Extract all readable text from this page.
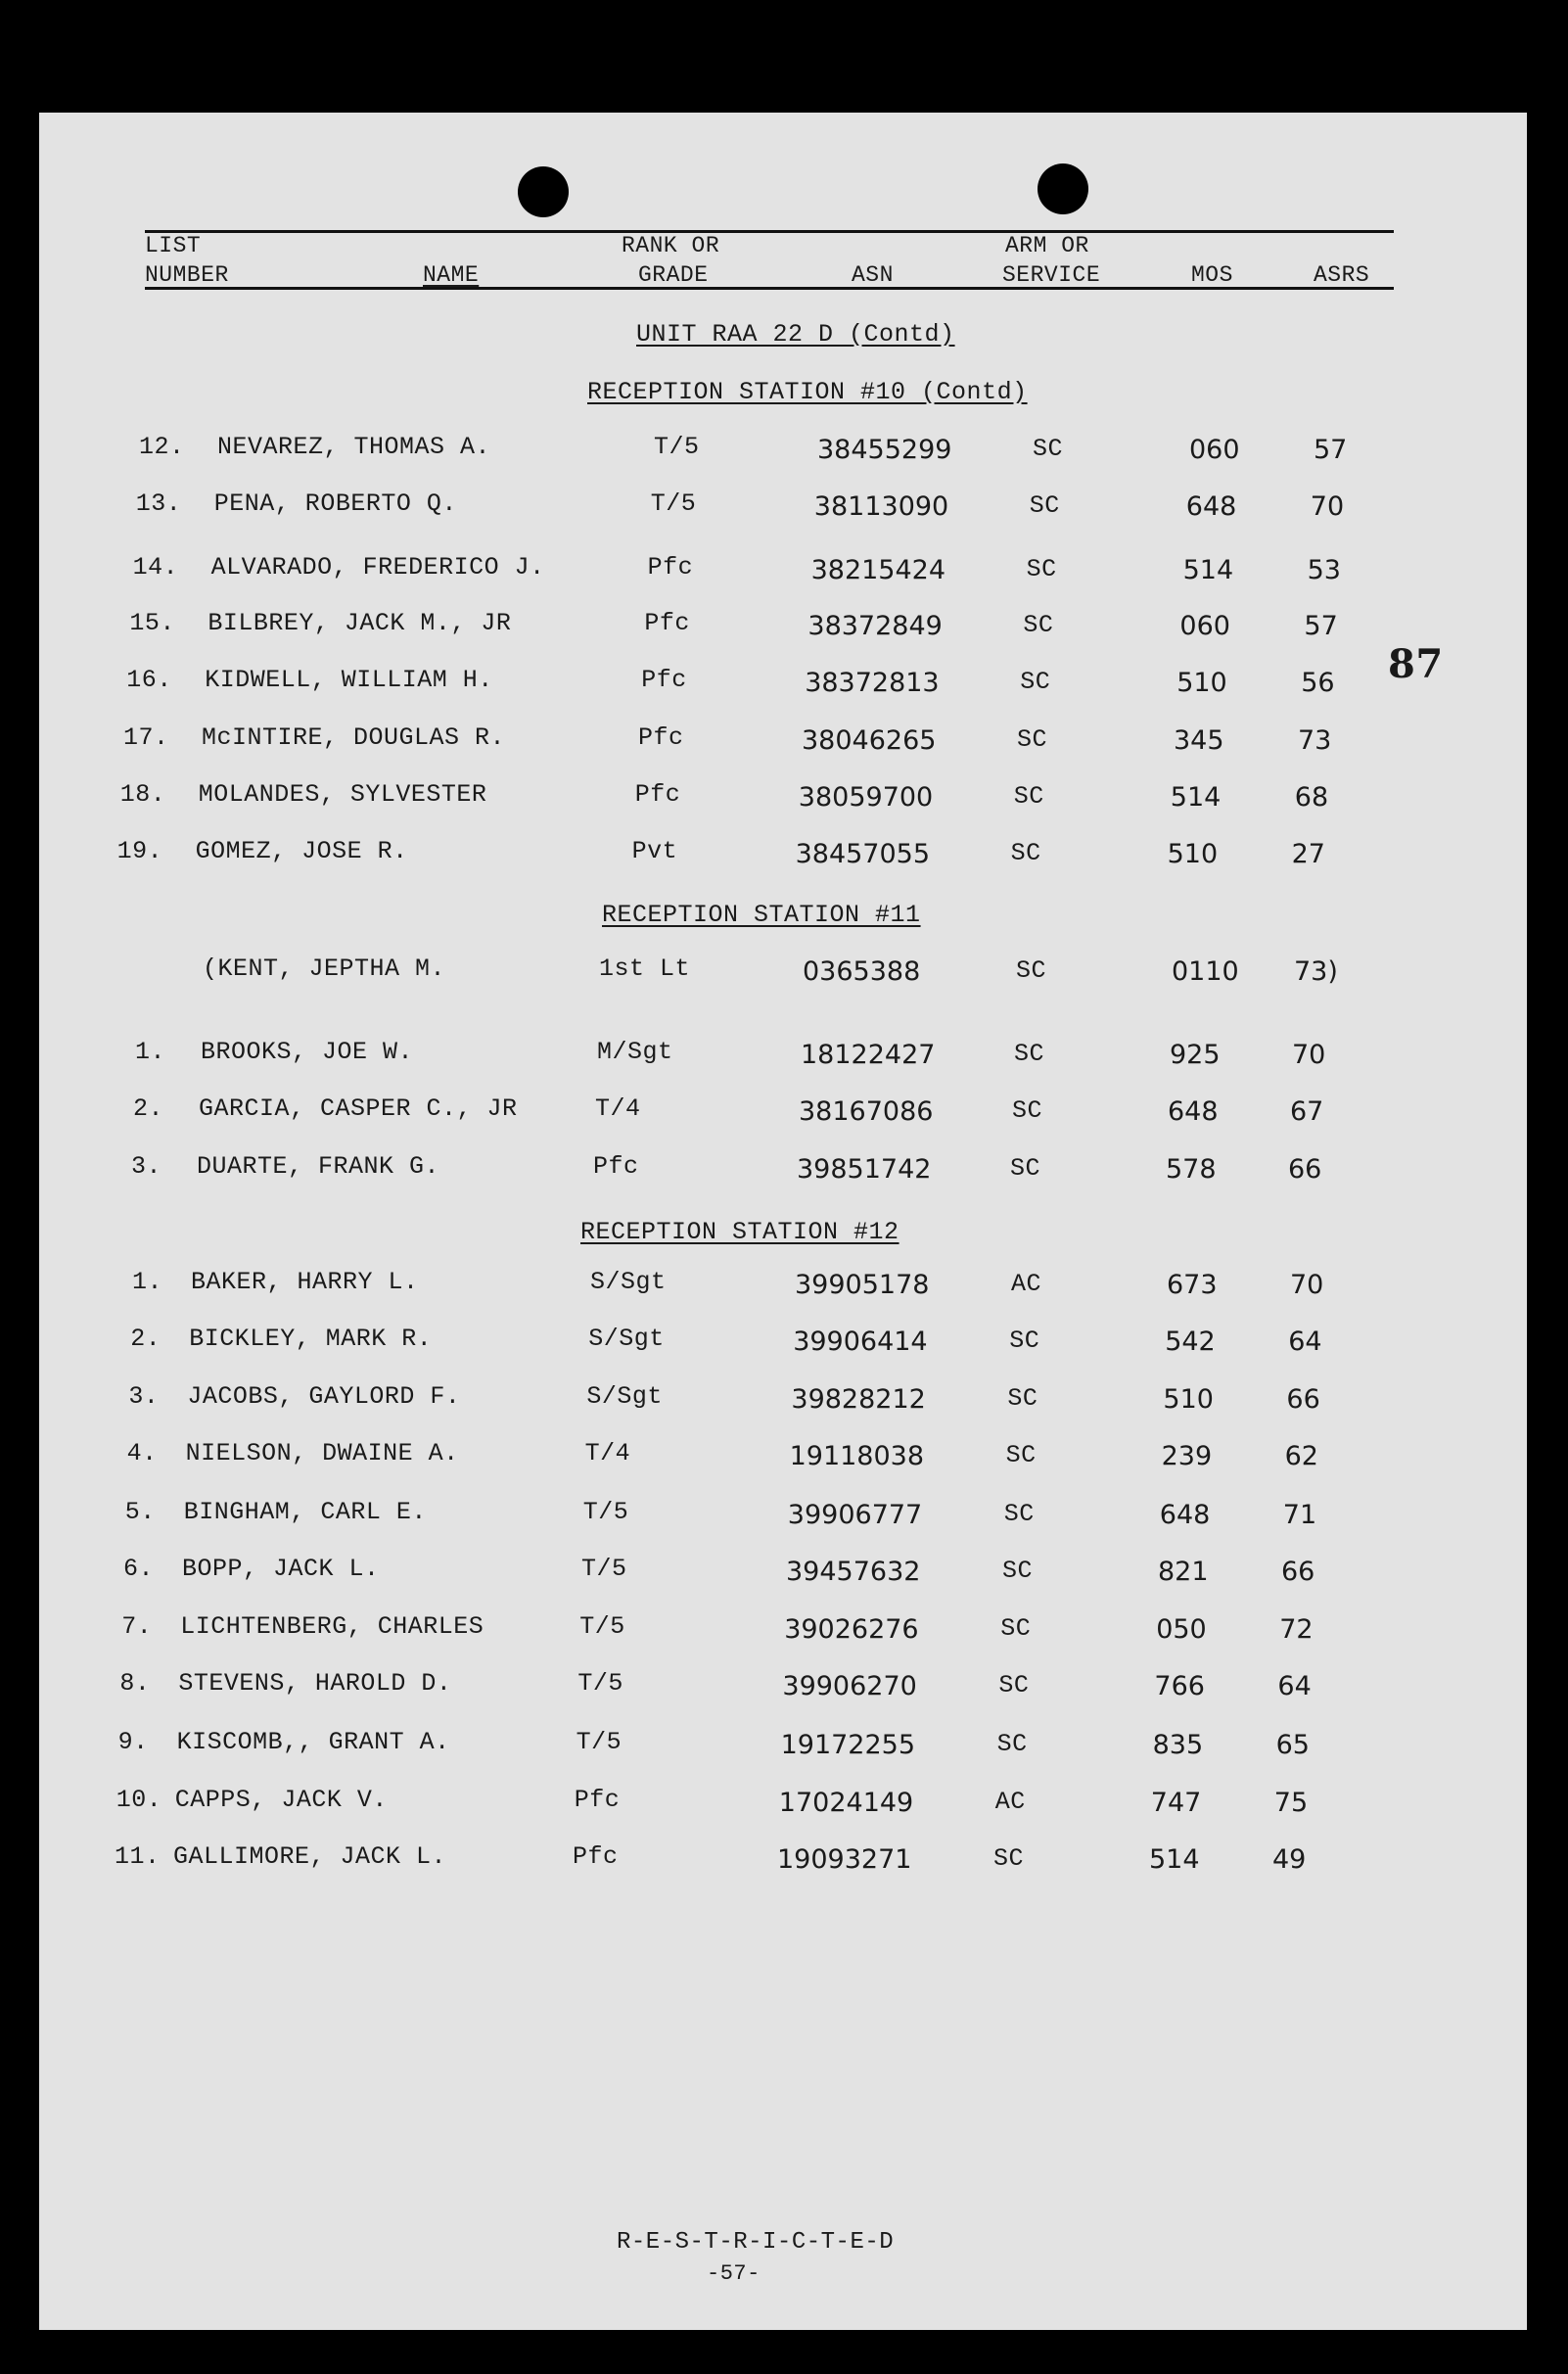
LIST
NUMBER	NAME
RANK OR
GRADE	ASN
ARM OR
SERVICE	MOS	ASRS
UNIT RAA 22 D (Contd)
87
RECEPTION STATION #10 (Contd)
12. NEVAREZ, THOMAS A.	T/5	38455299	SC	060	57
13. PENA, ROBERTO Q.	T/5	38113090	SC	648	70
14. ALVARADO, FREDERICO J.	Pfc	38215424	SC	514	53
15. BILBREY, JACK M., JR	Pfc	38372849	SC	060	57
16. KIDWELL, WILLIAM H.	Pfc	38372813	SC	510	56
17. McINTIRE, DOUGLAS R.	Pfc	38046265	SC	345	73
18. MOLANDES, SYLVESTER	Pfc	38059700	SC	514	68
19. GOMEZ, JOSE R.	Pvt	38457055	SC	510	27
RECEPTION STATION #11
(KENT, JEPTHA M.	1st Lt	0365388	SC	0110 73)
1. BROOKS, JOE W.	M/Sgt	18122427	SC	925	70
2. GARCIA, CASPER C., JR	T/4	38167086	SC	648	67
3. DUARTE, FRANK G.	Pfc	39851742	SC	578	66
RECEPTION STATION #12
1. BAKER, HARRY L.	S/Sgt	39905178	AC	673	70
2. BICKLEY, MARK R.	S/Sgt	39906414	SC	542	64
3. JACOBS, GAYLORD F.	S/Sgt	39828212	SC	510	66
4. NIELSON, DWAINE A.	T/4	19118038	SC	239	62
5. BINGHAM, CARL E.	T/5	39906777	SC	648	71
6. BOPP, JACK L.	T/5	39457632	SC	821	66
7. LICHTENBERG, CHARLES	T/5	39026276	SC	050	72
8. STEVENS, HAROLD D.	T/5	39906270	SC	766	64
9. KISCOMB,, GRANT A.	T/5	19172255	SC	835	65
10. CAPPS, JACK V.	Pfc	17024149	AC	747	75
11. GALLIMORE, JACK L.	Pfc	19093271	SC	514	49
R-E-S-T-R-I-C-T-E-D
-57-
